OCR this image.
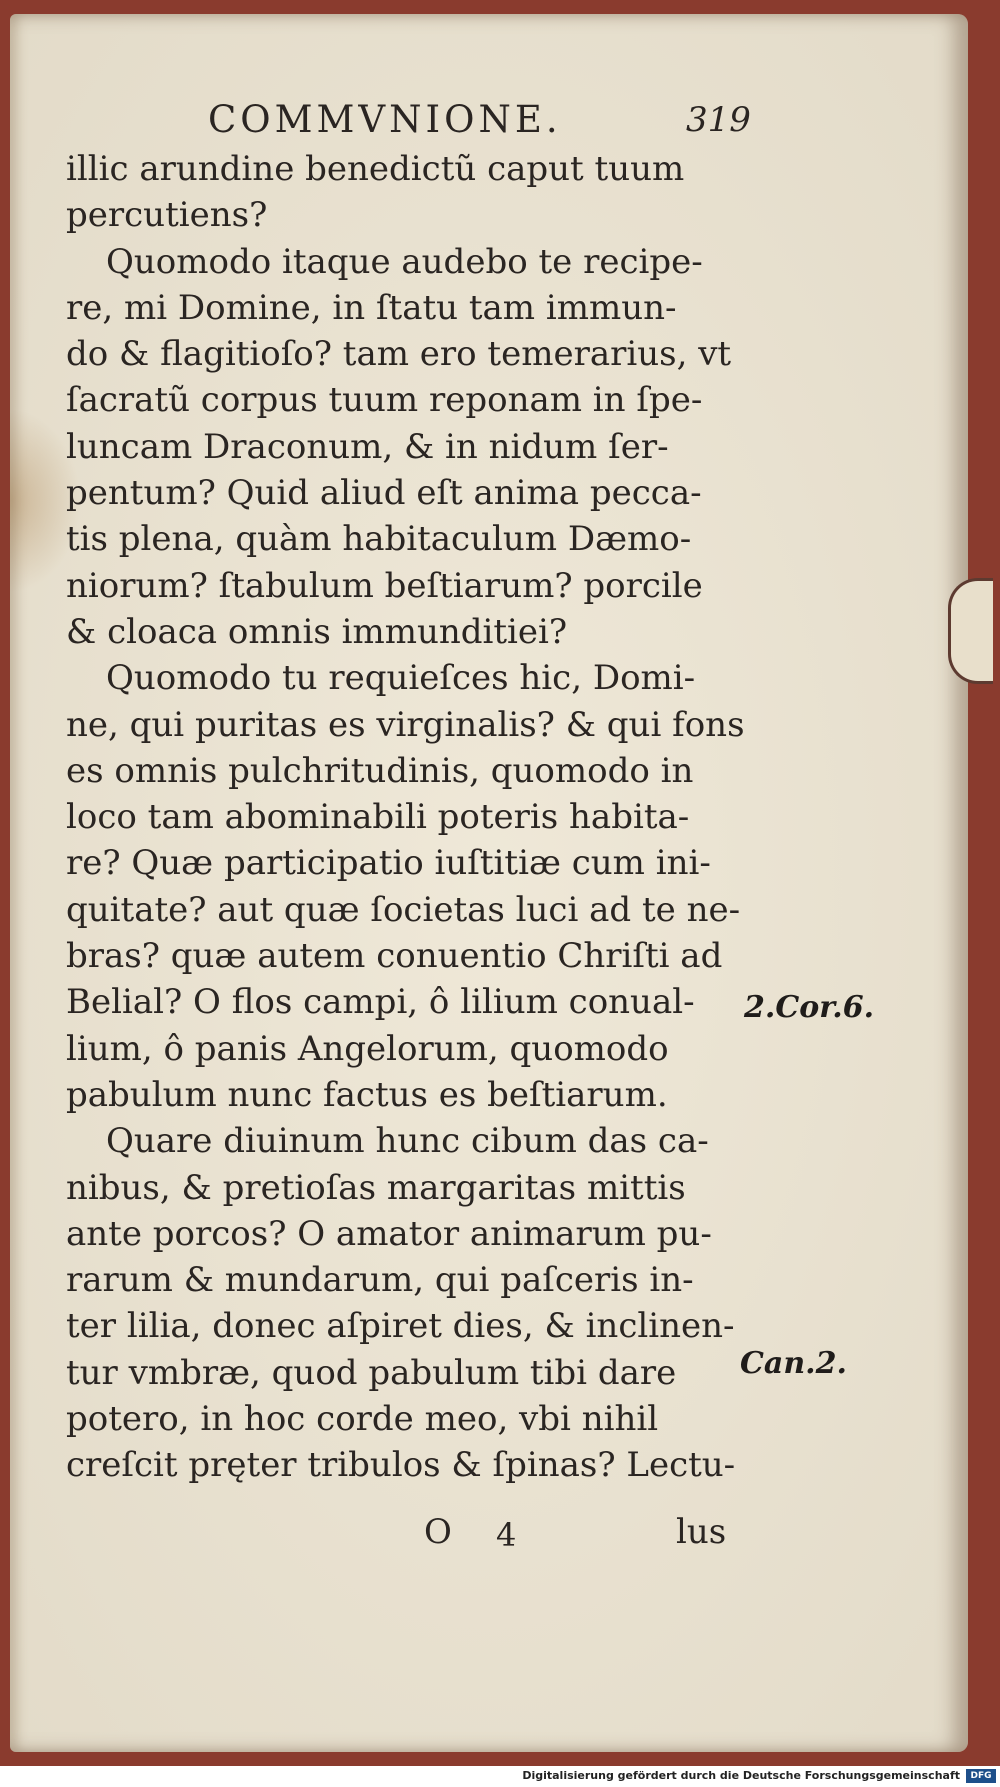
COMMVNIONE.	319
illic arundine benedictũ caput tuum
percutiens?
Quomodo itaque audebo te recipe-
re, mi Domine, in ſtatu tam immun-
do & flagitioſo? tam ero temerarius, vt
ſacratũ corpus tuum reponam in ſpe-
luncam Draconum, & in nidum ſer-
pentum? Quid aliud eſt anima pecca-
tis plena, quàm habitaculum Dæmo-
niorum? ſtabulum beſtiarum? porcile
& cloaca omnis immunditiei?
Quomodo tu requieſces hic, Domi-
ne, qui puritas es virginalis? & qui fons
es omnis pulchritudinis, quomodo in
loco tam abominabili poteris habita-
re? Quæ participatio iuſtitiæ cum ini-
quitate? aut quæ ſocietas luci ad te ne-
bras? quæ autem conuentio Chriſti ad
Belial? O flos campi, ô lilium conual-
lium, ô panis Angelorum, quomodo
pabulum nunc factus es beſtiarum.
Quare diuinum hunc cibum das ca-
nibus, & pretioſas margaritas mittis
ante porcos? O amator animarum pu-
rarum & mundarum, qui paſceris in-
ter lilia, donec aſpiret dies, & inclinen-
tur vmbræ, quod pabulum tibi dare
potero, in hoc corde meo, vbi nihil
creſcit pręter tribulos & ſpinas? Lectu-
2.Cor.6.
Can.2.
O 4	lus
Digitalisierung gefördert durch die Deutsche Forschungsgemeinschaft	DFG
